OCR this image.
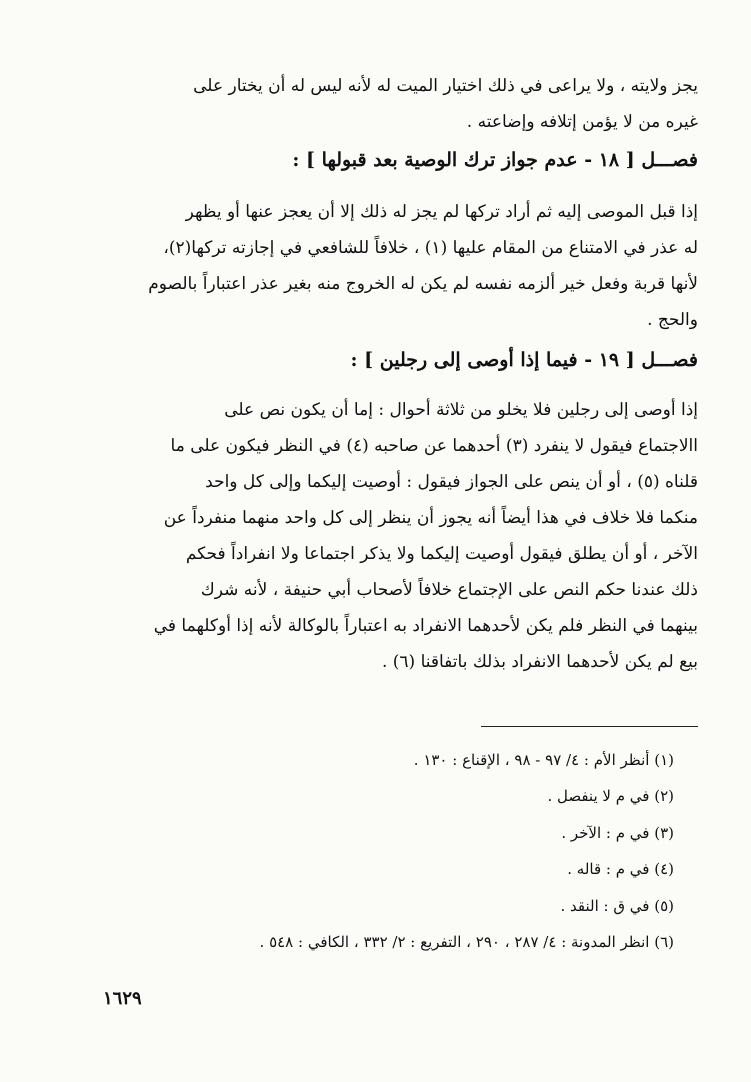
يجز ولايته ، ولا يراعى في ذلك اختيار الميت له لأنه ليس له أن يختار على
غيره من لا يؤمن إتلافه وإضاعته .
فصـــل [ ١٨ - عدم جواز ترك الوصية بعد قبولها ] :
إذا قبل الموصى إليه ثم أراد تركها لم يجز له ذلك إلا أن يعجز عنها أو يظهر
له عذر في الامتناع من المقام عليها (١) ، خلافاً للشافعي في إجازته تركها(٢)،
لأنها قربة وفعل خير ألزمه نفسه لم يكن له الخروج منه بغير عذر اعتباراً بالصوم
والحج .
فصـــل [ ١٩ - فيما إذا أوصى إلى رجلين ] :
إذا أوصى إلى رجلين فلا يخلو من ثلاثة أحوال : إما أن يكون نص على
االاجتماع فيقول لا ينفرد (٣) أحدهما عن صاحبه (٤) في النظر فيكون على ما
قلناه (٥) ، أو أن ينص على الجواز فيقول : أوصيت إليكما وإلى كل واحد
منكما فلا خلاف في هذا أيضاً أنه يجوز أن ينظر إلى كل واحد منهما منفرداً عن
الآخر ، أو أن يطلق فيقول أوصيت إليكما ولا يذكر اجتماعا ولا انفراداً فحكم
ذلك عندنا حكم النص على الإجتماع خلافاً لأصحاب أبي حنيفة ، لأنه شرك
بينهما في النظر فلم يكن لأحدهما الانفراد به اعتباراً بالوكالة لأنه إذا أوكلهما في
بيع لم يكن لأحدهما الانفراد بذلك باتفاقنا (٦) .
(١) أنظر الأم : ٤/ ٩٧ - ٩٨ ، الإقناع : ١٣٠ .
(٢) في م لا ينفصل .
(٣) في م : الآخر .
(٤) في م : قاله .
(٥) في ق : النقد .
(٦) انظر المدونة : ٤/ ٢٨٧ ، ٢٩٠ ، التفريع : ٢/ ٣٣٢ ، الكافي : ٥٤٨ .
١٦٢٩
